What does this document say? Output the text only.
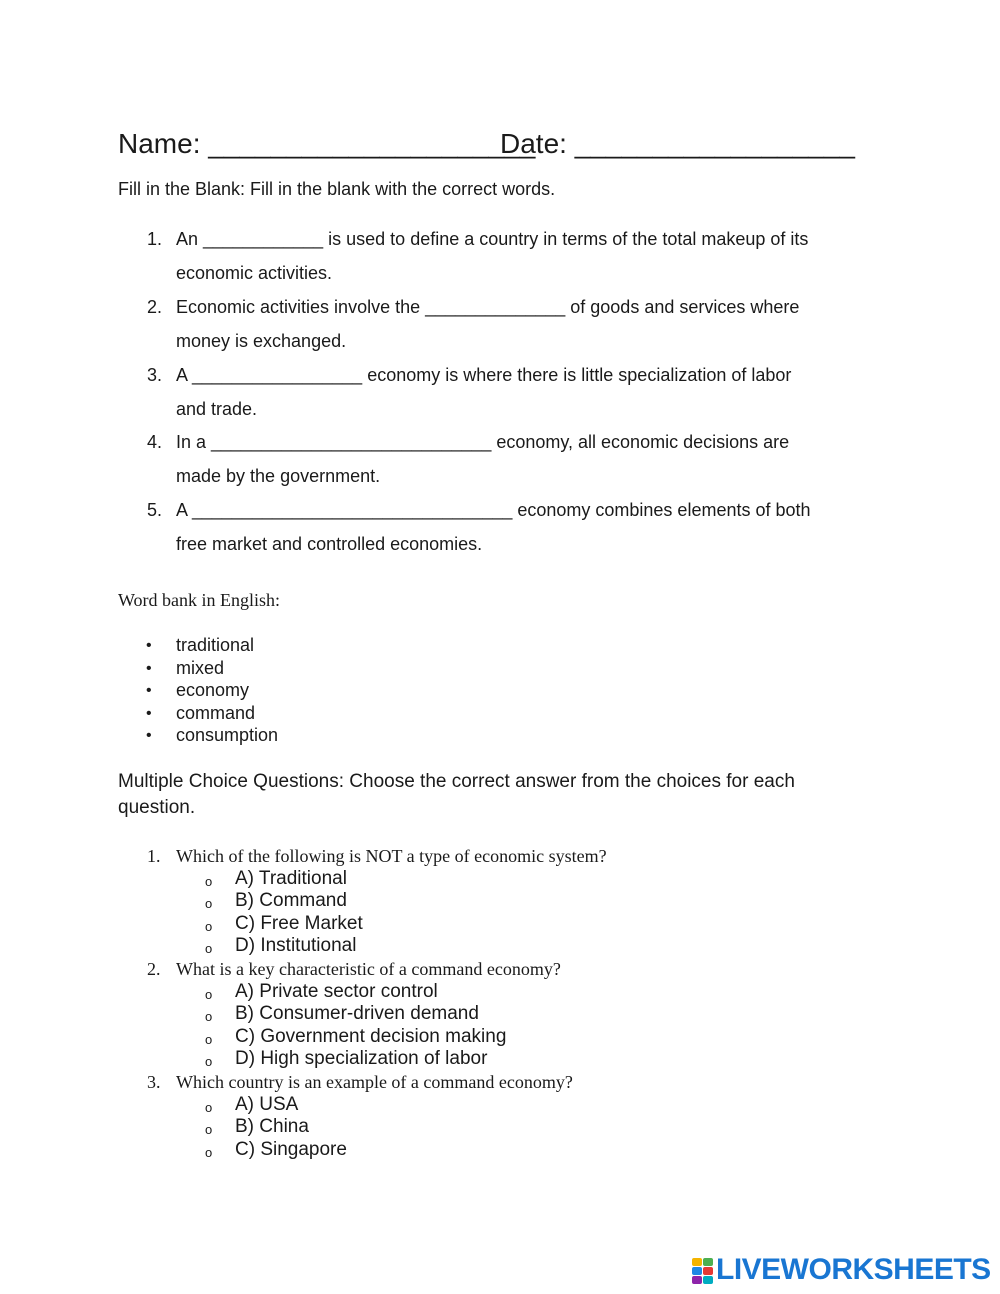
Name: _____________________
Date: __________________
Fill in the Blank: Fill in the blank with the correct words.
1. An ____________ is used to define a country in terms of the total makeup of its
economic activities.
2. Economic activities involve the ______________ of goods and services where
money is exchanged.
3. A _________________ economy is where there is little specialization of labor
and trade.
4. In a ____________________________ economy, all economic decisions are
made by the government.
5. A ________________________________ economy combines elements of both
free market and controlled economies.
Word bank in English:
• traditional
• mixed
• economy
• command
• consumption
Multiple Choice Questions: Choose the correct answer from the choices for each
question.
1. Which of the following is NOT a type of economic system?
o A) Traditional
o B) Command
o C) Free Market
o D) Institutional
2. What is a key characteristic of a command economy?
o A) Private sector control
o B) Consumer-driven demand
o C) Government decision making
o D) High specialization of labor
3. Which country is an example of a command economy?
o A) USA
o B) China
o C) Singapore
LIVEWORKSHEETS
